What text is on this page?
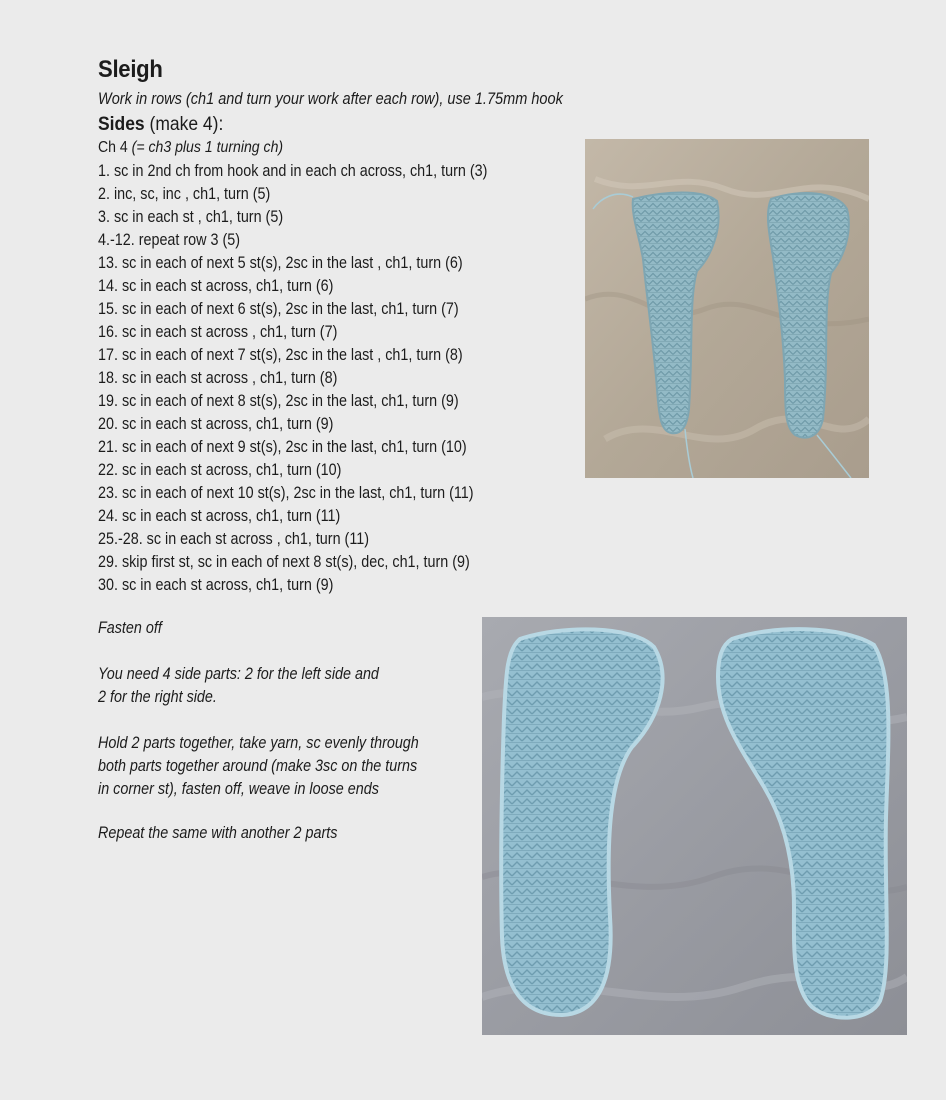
Sleigh
Work in rows (ch1 and turn your work after each row), use 1.75mm hook
Sides (make 4):
Ch 4 (= ch3 plus 1 turning ch)
1. sc in 2nd ch from hook and in each ch across, ch1, turn (3)
2. inc, sc, inc , ch1, turn (5)
3. sc in each st , ch1, turn (5)
4.-12. repeat row 3 (5)
13. sc in each of next 5 st(s), 2sc in the last , ch1, turn (6)
14. sc in each st across, ch1, turn (6)
15. sc in each of next 6 st(s), 2sc in the last, ch1, turn (7)
16. sc in each st across , ch1, turn (7)
17. sc in each of next 7 st(s), 2sc in the last , ch1, turn (8)
18. sc in each st across , ch1, turn (8)
19. sc in each of next 8 st(s), 2sc in the last, ch1, turn (9)
20. sc in each st across, ch1, turn (9)
21. sc in each of next 9 st(s), 2sc in the last, ch1, turn (10)
22. sc in each st across, ch1, turn (10)
23. sc in each of next 10 st(s), 2sc in the last, ch1, turn (11)
24. sc in each st across, ch1, turn (11)
25.-28. sc in each st across , ch1, turn (11)
29. skip first st, sc in each of next 8 st(s), dec, ch1, turn (9)
30. sc in each st across, ch1, turn (9)
Fasten off
You need 4 side parts: 2 for the left side and
2 for the right side.
Hold 2 parts together, take yarn, sc evenly through
both parts together around (make 3sc on the turns
in corner st), fasten off, weave in loose ends
Repeat the same with another 2 parts
